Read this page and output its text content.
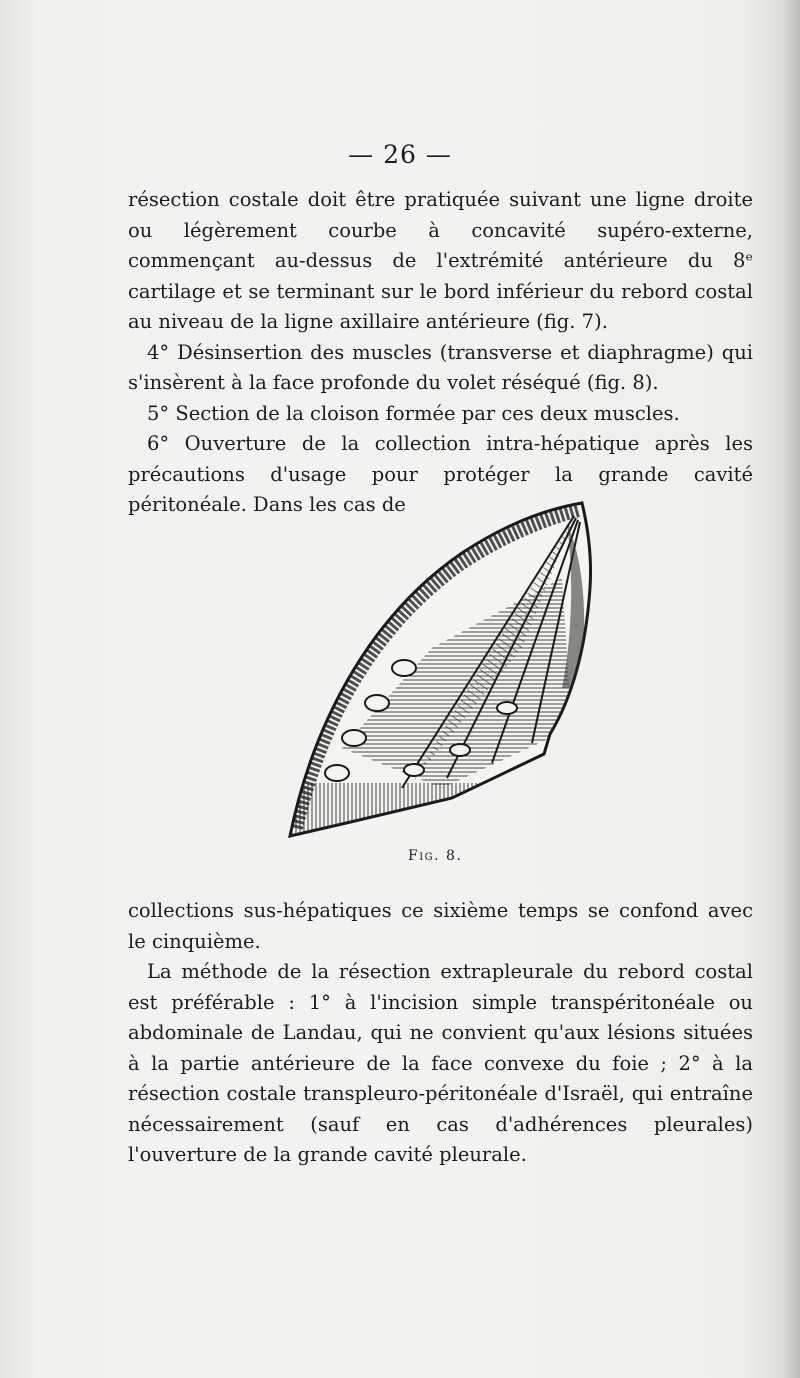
— 26 —

résection costale doit être pratiquée suivant une ligne droite ou légèrement courbe à concavité supéro-externe, commençant au-dessus de l'extrémité antérieure du 8ᵉ cartilage et se terminant sur le bord inférieur du rebord costal au niveau de la ligne axillaire antérieure (fig. 7).

4° Désinsertion des muscles (transverse et diaphragme) qui s'insèrent à la face profonde du volet réséqué (fig. 8).

5° Section de la cloison formée par ces deux muscles.

6° Ouverture de la collection intra-hépatique après les précautions d'usage pour protéger la grande cavité péritonéale. Dans les cas de

Fig. 8.

collections sus-hépatiques ce sixième temps se confond avec le cinquième.

La méthode de la résection extrapleurale du rebord costal est préférable : 1° à l'incision simple transpéritonéale ou abdominale de Landau, qui ne convient qu'aux lésions situées à la partie antérieure de la face convexe du foie ; 2° à la résection costale transpleuro-péritonéale d'Israël, qui entraîne nécessairement (sauf en cas d'adhérences pleurales) l'ouverture de la grande cavité pleurale.
